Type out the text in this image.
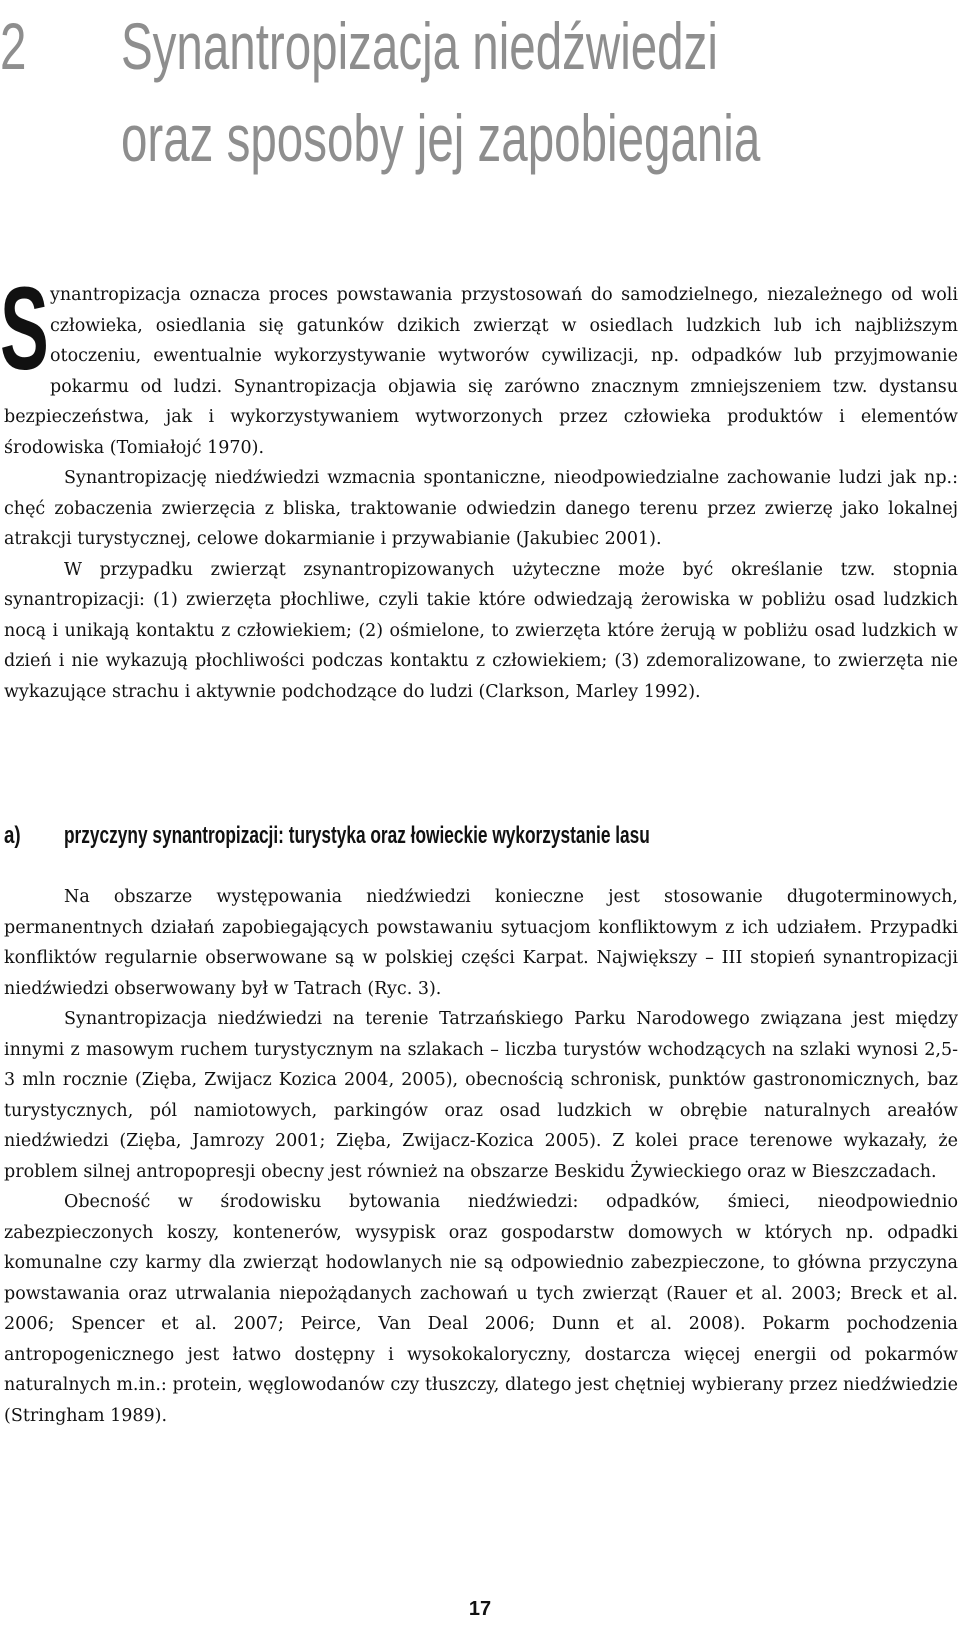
2 Synantropizacja niedźwiedzi
oraz sposoby jej zapobiegania

Synantropizacja oznacza proces powstawania przystosowań do samodzielnego, niezależnego od woli człowieka, osiedlania się gatunków dzikich zwierząt w osiedlach ludzkich lub ich najbliższym otoczeniu, ewentualnie wykorzystywanie wytworów cywilizacji, np. odpadków lub przyjmowanie pokarmu od ludzi. Synantropizacja objawia się zarówno znacznym zmniejszeniem tzw. dystansu bezpieczeństwa, jak i wykorzystywaniem wytworzonych przez człowieka produktów i elementów środowiska (Tomiałojć 1970).

Synantropizację niedźwiedzi wzmacnia spontaniczne, nieodpowiedzialne zachowanie ludzi jak np.: chęć zobaczenia zwierzęcia z bliska, traktowanie odwiedzin danego terenu przez zwierzę jako lokalnej atrakcji turystycznej, celowe dokarmianie i przywabianie (Jakubiec 2001).

W przypadku zwierząt zsynantropizowanych użyteczne może być określanie tzw. stopnia synantropizacji: (1) zwierzęta płochliwe, czyli takie które odwiedzają żerowiska w pobliżu osad ludzkich nocą i unikają kontaktu z człowiekiem; (2) ośmielone, to zwierzęta które żerują w pobliżu osad ludzkich w dzień i nie wykazują płochliwości podczas kontaktu z człowiekiem; (3) zdemoralizowane, to zwierzęta nie wykazujące strachu i aktywnie podchodzące do ludzi (Clarkson, Marley 1992).

a) przyczyny synantropizacji: turystyka oraz łowieckie wykorzystanie lasu

Na obszarze występowania niedźwiedzi konieczne jest stosowanie długoterminowych, permanentnych działań zapobiegających powstawaniu sytuacjom konfliktowym z ich udziałem. Przypadki konfliktów regularnie obserwowane są w polskiej części Karpat. Największy – III stopień synantropizacji niedźwiedzi obserwowany był w Tatrach (Ryc. 3).

Synantropizacja niedźwiedzi na terenie Tatrzańskiego Parku Narodowego związana jest między innymi z masowym ruchem turystycznym na szlakach – liczba turystów wchodzących na szlaki wynosi 2,5-3 mln rocznie (Zięba, Zwijacz Kozica 2004, 2005), obecnością schronisk, punktów gastronomicznych, baz turystycznych, pól namiotowych, parkingów oraz osad ludzkich w obrębie naturalnych areałów niedźwiedzi (Zięba, Jamrozy 2001; Zięba, Zwijacz-Kozica 2005). Z kolei prace terenowe wykazały, że problem silnej antropopresji obecny jest również na obszarze Beskidu Żywieckiego oraz w Bieszczadach.

Obecność w środowisku bytowania niedźwiedzi: odpadków, śmieci, nieodpowiednio zabezpieczonych koszy, kontenerów, wysypisk oraz gospodarstw domowych w których np. odpadki komunalne czy karmy dla zwierząt hodowlanych nie są odpowiednio zabezpieczone, to główna przyczyna powstawania oraz utrwalania niepożądanych zachowań u tych zwierząt (Rauer et al. 2003; Breck et al. 2006; Spencer et al. 2007; Peirce, Van Deal 2006; Dunn et al. 2008). Pokarm pochodzenia antropogenicznego jest łatwo dostępny i wysokokaloryczny, dostarcza więcej energii od pokarmów naturalnych m.in.: protein, węglowodanów czy tłuszczy, dlatego jest chętniej wybierany przez niedźwiedzie (Stringham 1989).

17
